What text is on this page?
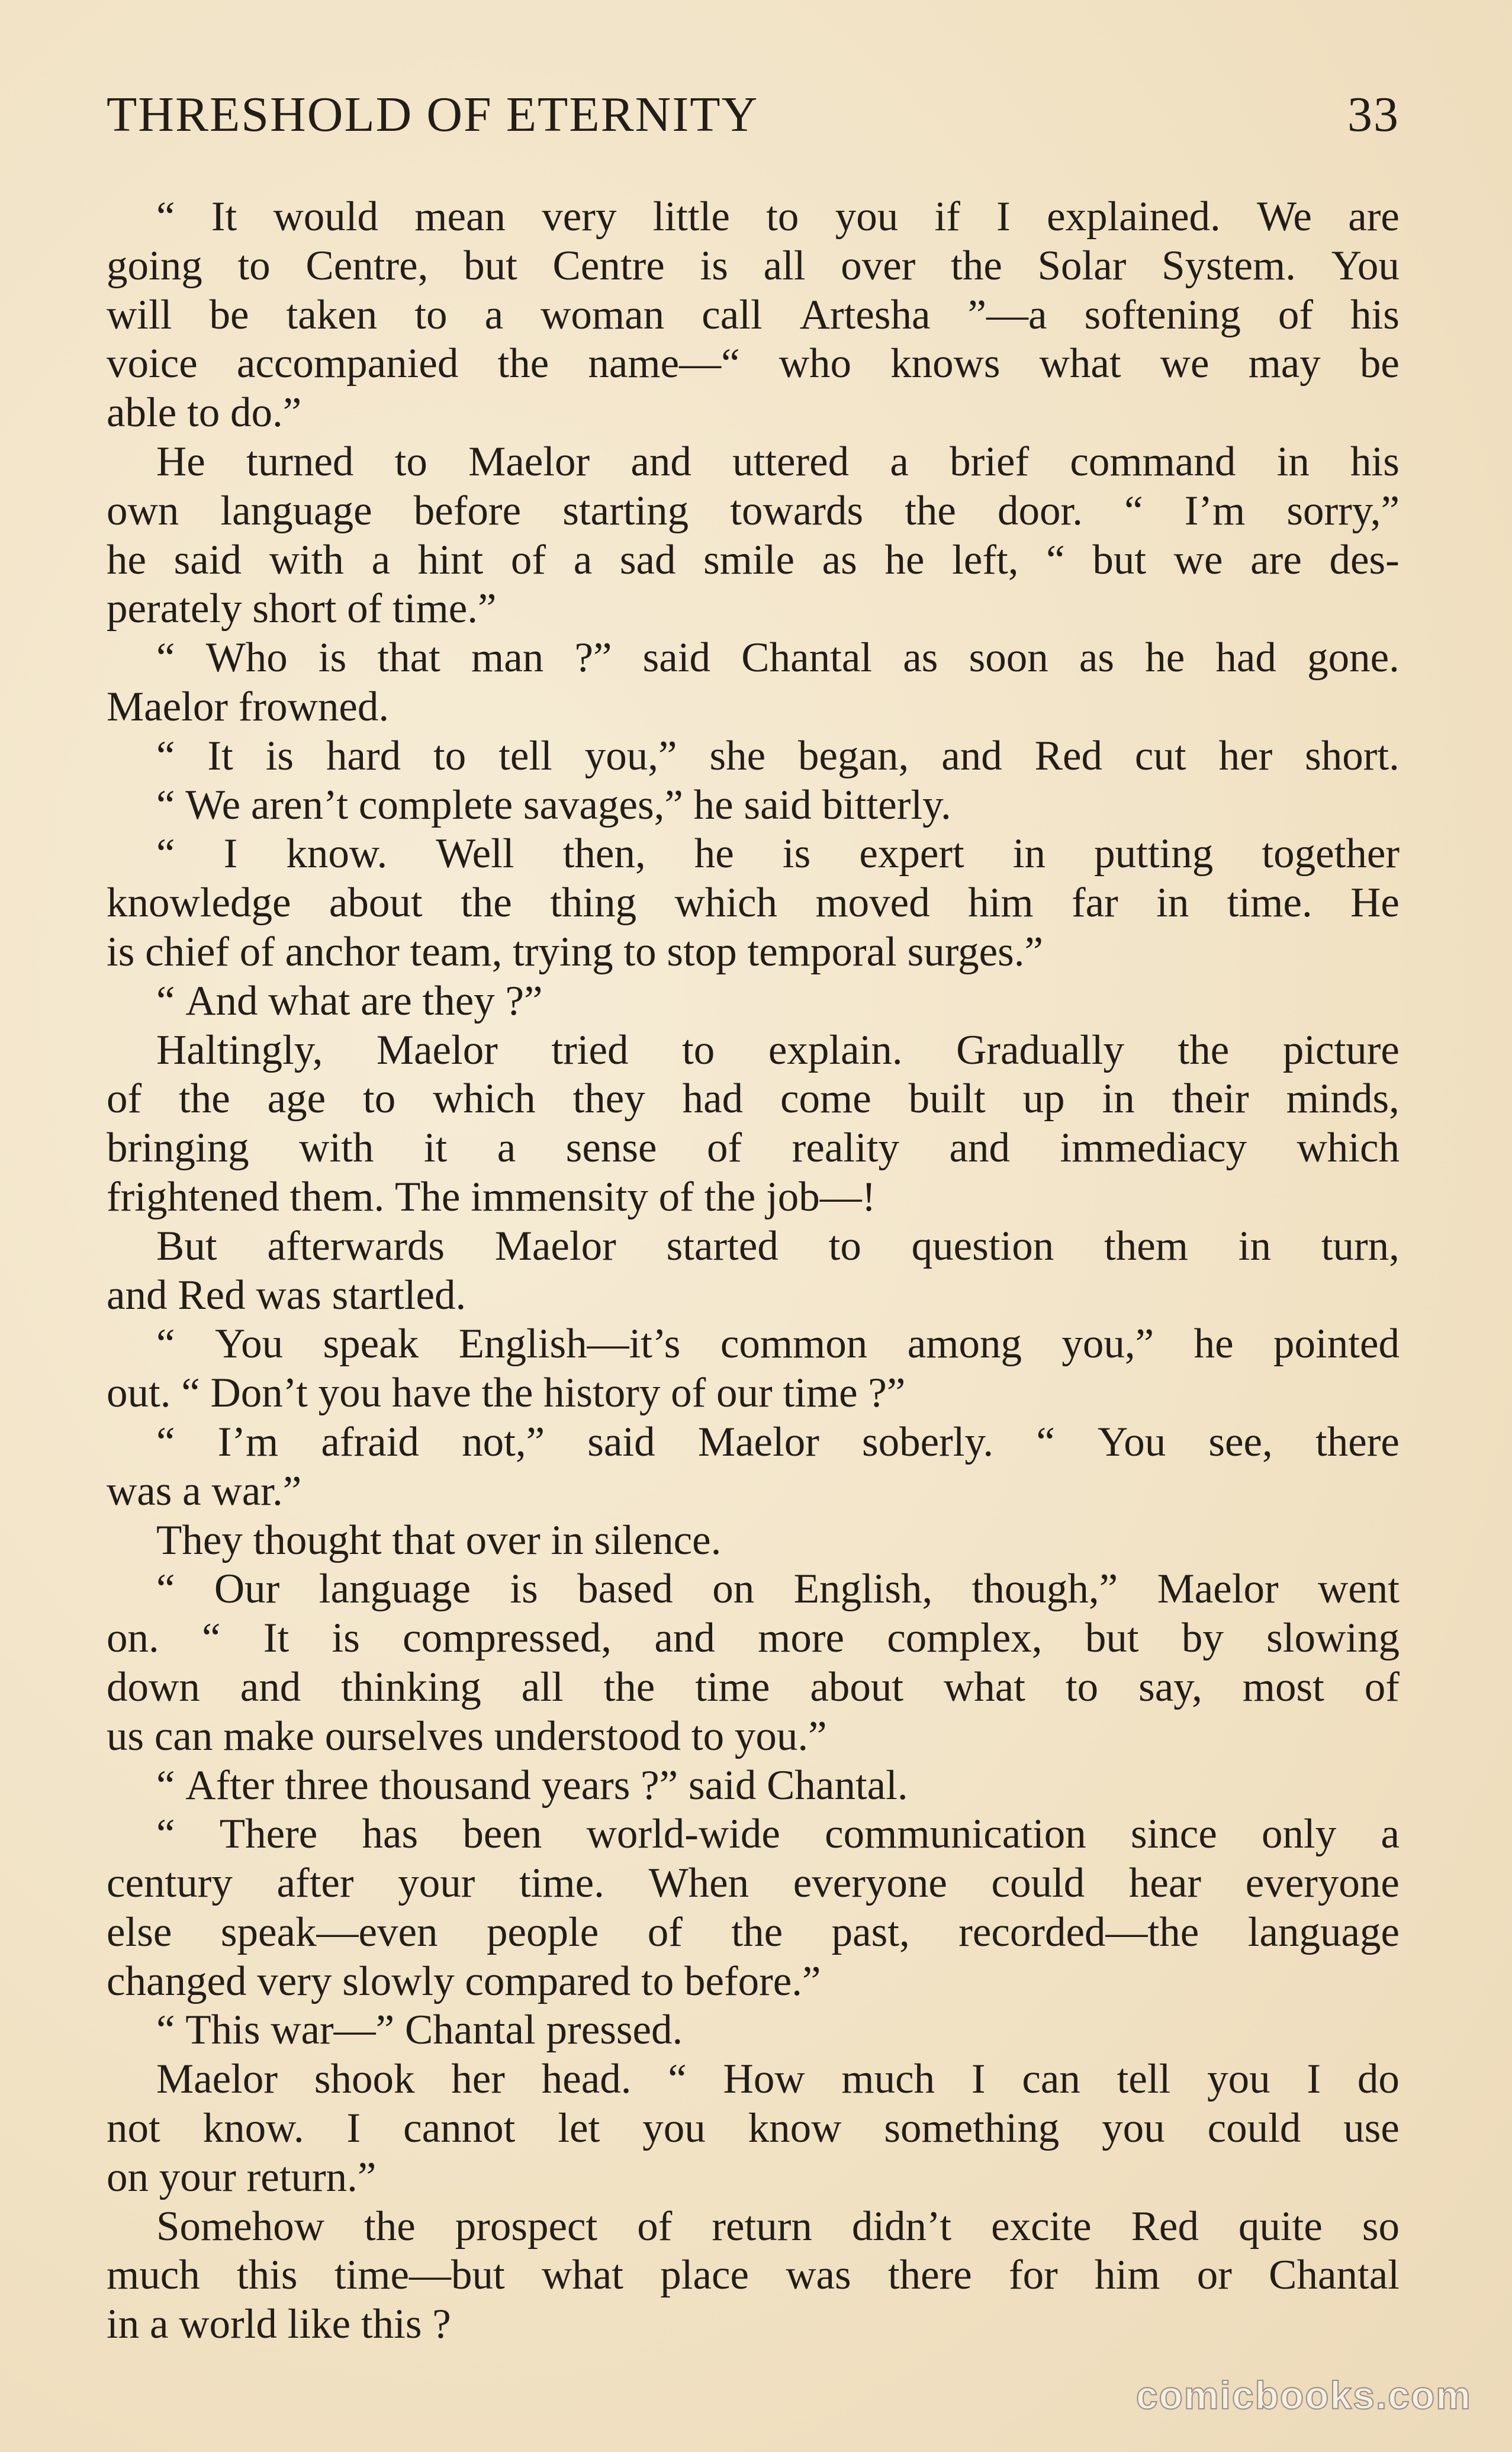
THRESHOLD OF ETERNITY	33
“ It would mean very little to you if I explained. We are
going to Centre, but Centre is all over the Solar System. You
will be taken to a woman call Artesha ”—a softening of his
voice accompanied the name—“ who knows what we may be
able to do.”
He turned to Maelor and uttered a brief command in his
own language before starting towards the door. “ I’m sorry,”
he said with a hint of a sad smile as he left, “ but we are des-
perately short of time.”
“ Who is that man ?” said Chantal as soon as he had gone.
Maelor frowned.
“ It is hard to tell you,” she began, and Red cut her short.
“ We aren’t complete savages,” he said bitterly.
“ I know. Well then, he is expert in putting together
knowledge about the thing which moved him far in time. He
is chief of anchor team, trying to stop temporal surges.”
“ And what are they ?”
Haltingly, Maelor tried to explain. Gradually the picture
of the age to which they had come built up in their minds,
bringing with it a sense of reality and immediacy which
frightened them. The immensity of the job—!
But afterwards Maelor started to question them in turn,
and Red was startled.
“ You speak English—it’s common among you,” he pointed
out. “ Don’t you have the history of our time ?”
“ I’m afraid not,” said Maelor soberly. “ You see, there
was a war.”
They thought that over in silence.
“ Our language is based on English, though,” Maelor went
on. “ It is compressed, and more complex, but by slowing
down and thinking all the time about what to say, most of
us can make ourselves understood to you.”
“ After three thousand years ?” said Chantal.
“ There has been world-wide communication since only a
century after your time. When everyone could hear everyone
else speak—even people of the past, recorded—the language
changed very slowly compared to before.”
“ This war—” Chantal pressed.
Maelor shook her head. “ How much I can tell you I do
not know. I cannot let you know something you could use
on your return.”
Somehow the prospect of return didn’t excite Red quite so
much this time—but what place was there for him or Chantal
in a world like this ?
comicbooks.com
